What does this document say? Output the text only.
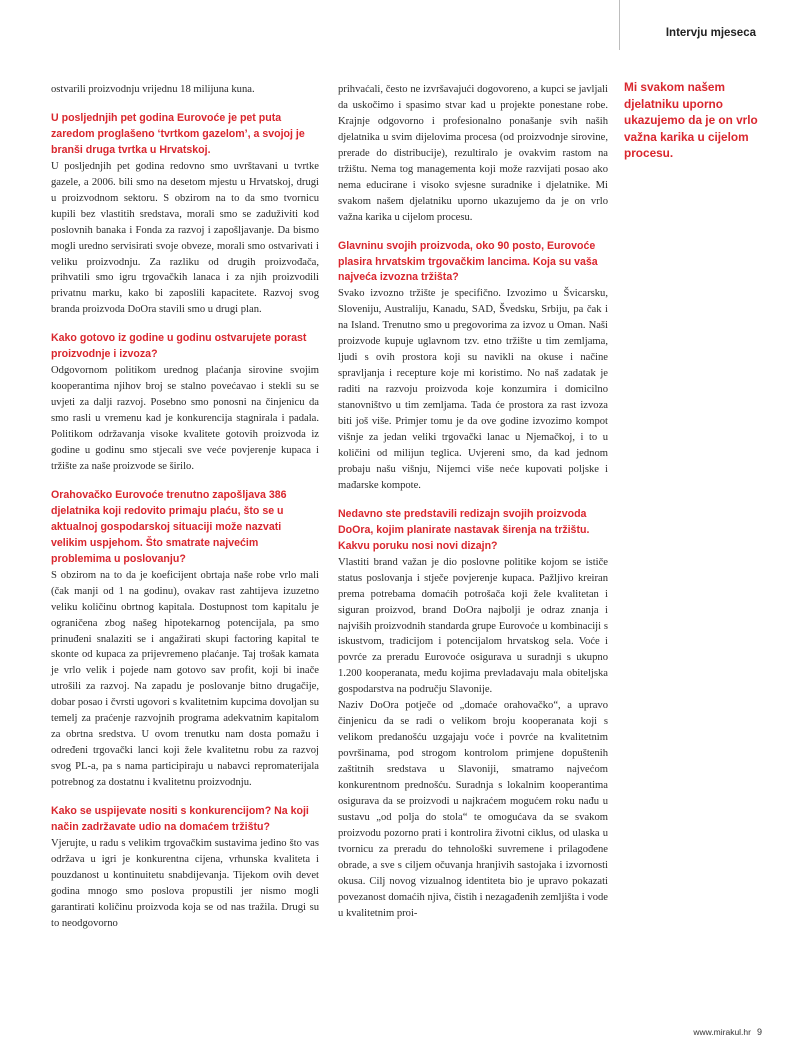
Intervju mjeseca

ostvarili proizvodnju vrijednu 18 milijuna kuna.

U posljednjih pet godina Eurovoće je pet puta zaredom proglašeno ‘tvrtkom gazelom’, a svojoj je branši druga tvrtka u Hrvatskoj.

U posljednjih pet godina redovno smo uvrštavani u tvrtke gazele, a 2006. bili smo na desetom mjestu u Hrvatskoj, drugi u proizvodnom sektoru. S obzirom na to da smo tvornicu kupili bez vlastitih sredstava, morali smo se zaduživiti kod poslovnih banaka i Fonda za razvoj i zapošljavanje. Da bismo mogli uredno servisirati svoje obveze, morali smo ostvarivati i veliku proizvodnju. Za razliku od drugih proizvođača, prihvatili smo igru trgovačkih lanaca i za njih proizvodili privatnu marku, kako bi zaposlili kapacitete. Razvoj svog branda proizvoda DoOra stavili smo u drugi plan.

Kako gotovo iz godine u godinu ostvarujete porast proizvodnje i izvoza?

Odgovornom politikom urednog plaćanja sirovine svojim kooperantima njihov broj se stalno povećavao i stekli su se uvjeti za dalji razvoj. Posebno smo ponosni na činjenicu da smo rasli u vremenu kad je konkurencija stagnirala i padala. Politikom održavanja visoke kvalitete gotovih proizvoda iz godine u godinu smo stjecali sve veće povjerenje kupaca i tržište za naše proizvode se širilo.

Orahovačko Eurovoće trenutno zapošljava 386 djelatnika koji redovito primaju plaću, što se u aktualnoj gospodarskoj situaciji može nazvati velikim uspjehom. Što smatrate najvećim problemima u poslovanju?

S obzirom na to da je koeficijent obrtaja naše robe vrlo mali (čak manji od 1 na godinu), ovakav rast zahtijeva izuzetno veliku količinu obrtnog kapitala. Dostupnost tom kapitalu je ograničena zbog našeg hipotekarnog potencijala, pa smo prinuđeni snalaziti se i angažirati skupi factoring kapital te skonte od kupaca za prijevremeno plaćanje. Taj trošak kamata je vrlo velik i pojede nam gotovo sav profit, koji bi inače utrošili za razvoj. Na zapadu je poslovanje bitno drugačije, dobar posao i čvrsti ugovori s kvalitetnim kupcima dovoljan su temelj za praćenje razvojnih programa adekvatnim kapitalom za obrtna sredstva. U ovom trenutku nam dosta pomažu i određeni trgovački lanci koji žele kvalitetnu robu za razvoj svog PL-a, pa s nama participiraju u nabavci repromaterijala potrebnog za dostatnu i kvalitetnu proizvodnju.

Kako se uspijevate nositi s konkurencijom? Na koji način zadržavate udio na domaćem tržištu?

Vjerujte, u radu s velikim trgovačkim sustavima jedino što vas održava u igri je konkurentna cijena, vrhunska kvaliteta i pouzdanost u kontinuitetu snabdijevanja. Tijekom ovih devet godina mnogo smo poslova propustili jer nismo mogli garantirati količinu proizvoda koja se od nas tražila. Drugi su to neodgovorno

prihvaćali, često ne izvršavajući dogovoreno, a kupci se javljali da uskočimo i spasimo stvar kad u projekte ponestane robe. Krajnje odgovorno i profesionalno ponašanje svih naših djelatnika u svim dijelovima procesa (od proizvodnje sirovine, prerade do distribucije), rezultiralo je ovakvim rastom na tržištu. Nema tog managementa koji može razvijati posao ako nema educirane i visoko svjesne suradnike i djelatnike. Mi svakom našem djelatniku uporno ukazujemo da je on vrlo važna karika u cijelom procesu.

Glavninu svojih proizvoda, oko 90 posto, Eurovoće plasira hrvatskim trgovačkim lancima. Koja su vaša najveća izvozna tržišta?

Svako izvozno tržište je specifično. Izvozimo u Švicarsku, Sloveniju, Australiju, Kanadu, SAD, Švedsku, Srbiju, pa čak i na Island. Trenutno smo u pregovorima za izvoz u Oman. Naši proizvode kupuje uglavnom tzv. etno tržište u tim zemljama, ljudi s ovih prostora koji su navikli na okuse i načine spravljanja i recepture koje mi koristimo. No naš zadatak je raditi na razvoju proizvoda koje konzumira i domicilno stanovništvo u tim zemljama. Tada će prostora za rast izvoza biti još više. Primjer tomu je da ove godine izvozimo kompot višnje za jedan veliki trgovački lanac u Njemačkoj, i to u količini od milijun teglica. Uvjereni smo, da kad jednom probaju našu višnju, Nijemci više neće kupovati poljske i mađarske kompote.

Nedavno ste predstavili redizajn svojih proizvoda DoOra, kojim planirate nastavak širenja na tržištu. Kakvu poruku nosi novi dizajn?

Vlastiti brand važan je dio poslovne politike kojom se ističe status poslovanja i stječe povjerenje kupaca. Pažljivo kreiran prema potrebama domaćih potrošača koji žele kvalitetan i siguran proizvod, brand DoOra najbolji je odraz znanja i najviših proizvodnih standarda grupe Eurovoće u kombinaciji s iskustvom, tradicijom i potencijalom hrvatskog sela. Voće i povrće za preradu Eurovoće osigurava u suradnji s ukupno 1.200 kooperanata, među kojima prevladavaju mala obiteljska gospodarstva na području Slavonije.

Naziv DoOra potječe od „domaće orahovačko“, a upravo činjenicu da se radi o velikom broju kooperanata koji s velikom predanošću uzgajaju voće i povrće na kvalitetnim površinama, pod strogom kontrolom primjene dopuštenih zaštitnih sredstava u Slavoniji, smatramo najvećom konkurentnom prednošću. Suradnja s lokalnim kooperantima osigurava da se proizvodi u najkraćem mogućem roku nađu u sustavu „od polja do stola“ te omogućava da se svakom proizvodu pozorno prati i kontrolira životni ciklus, od ulaska u tvornicu za preradu do tehnološki suvremene i prilagođene obrade, a sve s ciljem očuvanja hranjivih sastojaka i izvornosti okusa. Cilj novog vizualnog identiteta bio je upravo pokazati povezanost domaćih njiva, čistih i nezagađenih zemljišta i vode u kvalitetnim proi-

Mi svakom našem djelatniku uporno ukazujemo da je on vrlo važna karika u cijelom procesu.
www.mirakul.hr 9
